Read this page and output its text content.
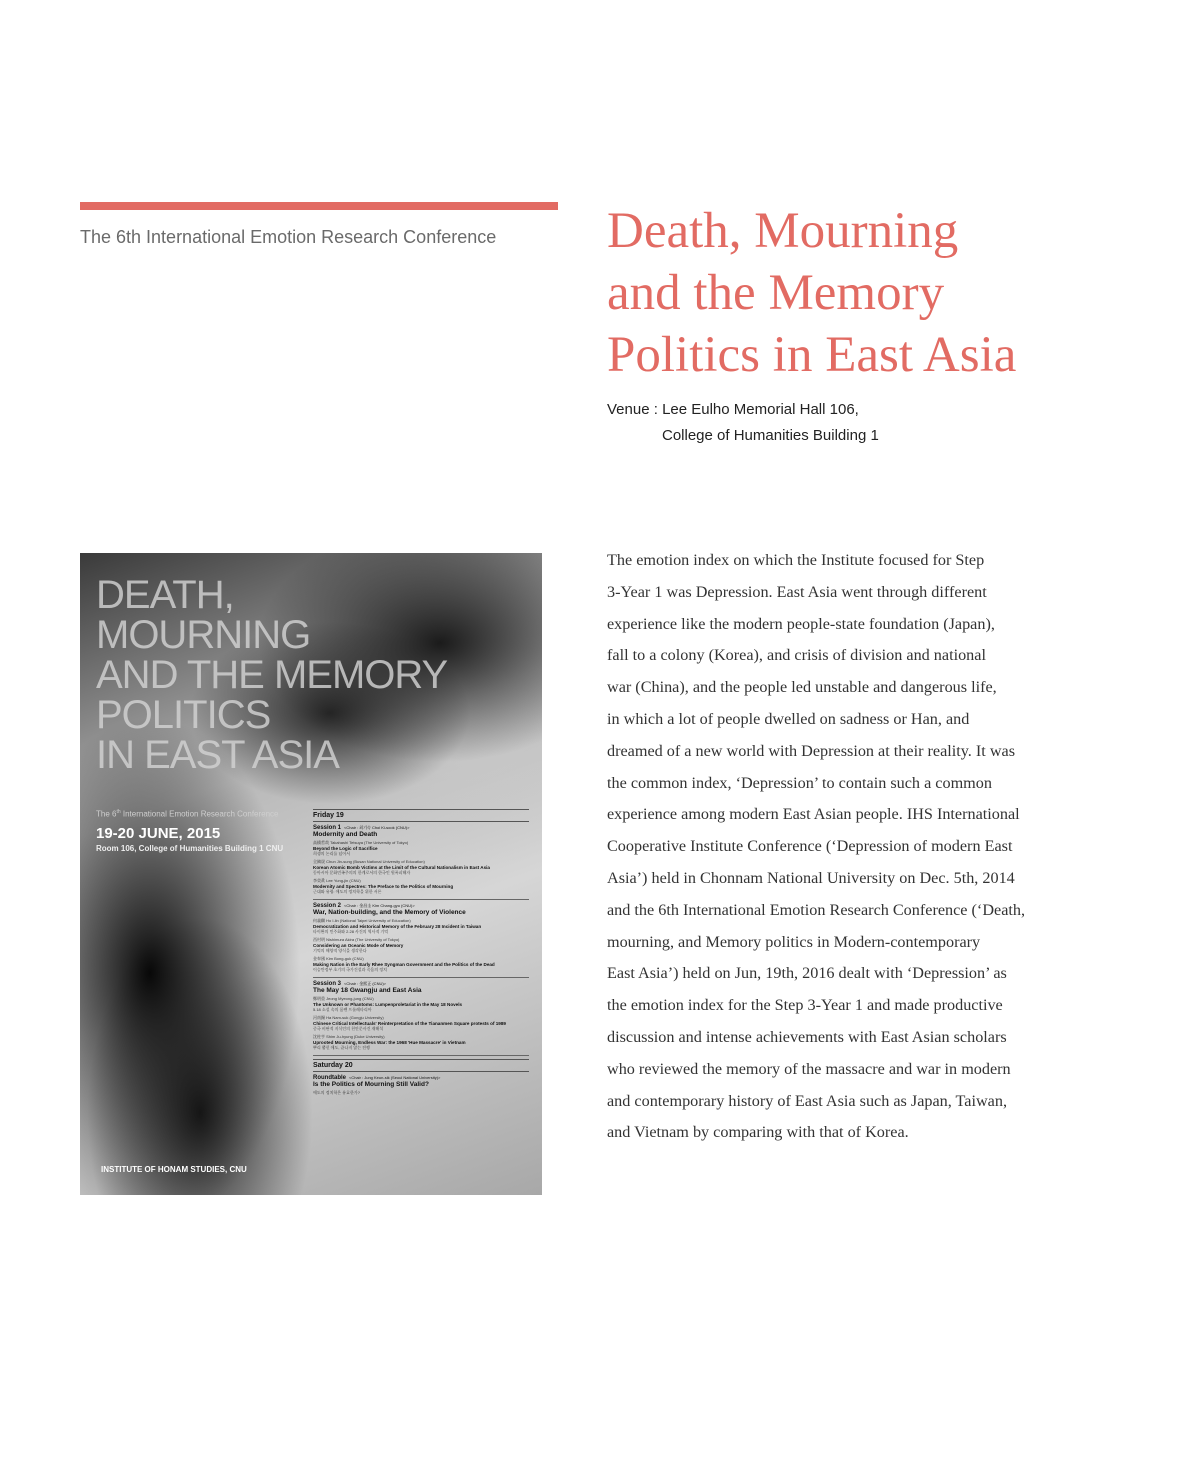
The 6th International Emotion Research Conference Death, Mourning
and the Memory
Politics in East Asia
Venue : Lee Eulho Memorial Hall 106,
College of Humanities Building 1
DEATH,
MOURNING
AND THE MEMORY
POLITICS
IN EAST ASIA
The 6th International Emotion Research Conference
19-20 JUNE, 2015
Room 106, College of Humanities Building 1 CNU
Friday 19
Session 1 <Chair : 최기숙 Choi Ki-sook (CNU)>
Modernity and Death
高橋哲哉 Takahashi Tetsuya (The University of Tokyo)
Beyond the Logic of Sacrifice
희생의 논리를 넘어서
全鎭晟 Chun Jin-sung (Busan National University of Education)
Korean Atomic Bomb Victims at the Limit of the Cultural Nationalism in East Asia
동아시아 문화민족주의의 한계로서의 한국인 원폭피해자
李榮眞 Lee Yung-jin (CNU)
Modernity and Spectres: The Preface to the Politics of Mourning
근대와 유령: 애도의 정치학을 위한 서론
Session 2 <Chair : 金昌圭 Kim Chang-gyu (CNU)>
War, Nation-building, and the Memory of Violence
何義麟 Ho I-lin (National Taipei University of Education)
Democratization and Historical Memory of the February 28 Incident in Taiwan
타이완의 민주화와 2.28 사건의 역사적 기억
西村明 Nishimura Akira (The University of Tokyo)
Considering an Oceanic Mode of Memory
기억의 해양적 양식을 생각한다
金奉國 Kim Bong-guk (CNU)
Making Nation in the Early Rhee Syngman Government and the Politics of the Dead
이승만정부 초기의 국가건설과 죽음의 정치
Session 3 <Chair : 金熙正 (CNU)>
The May 18 Gwangju and East Asia
鄭明重 Jeong Myeong-jung (CNU)
The Unknown or Phantoms: Lumpenproletariat in the May 18 Novels
5.18 소설 속의 룸펜 프롤레타리아
河南錫 Ha Nam-suk (Gongju University)
Chinese Critical Intellectuals' Reinterpretation of the Tiananmen Square protests of 1989
중국 비판적 지식인의 천안문사건 재해석
沈柱亨 Shim Ju-hyung (Duke University)
Uprooted Mourning, Endless War: the 1968 'Hue Massacre' in Vietnam
뿌리 뽑힌 애도, 끝나지 않는 전쟁
Saturday 20
Roundtable <Chair : Jung Keun-sik (Seoul National University)>
Is the Politics of Mourning Still Valid?
애도의 정치학은 유효한가?
INSTITUTE OF HONAM STUDIES, CNU
The emotion index on which the Institute focused for Step
3-Year 1 was Depression. East Asia went through different
experience like the modern people-state foundation (Japan),
fall to a colony (Korea), and crisis of division and national
war (China), and the people led unstable and dangerous life,
in which a lot of people dwelled on sadness or Han, and
dreamed of a new world with Depression at their reality. It was
the common index, ‘Depression’ to contain such a common
experience among modern East Asian people. IHS International
Cooperative Institute Conference (‘Depression of modern East
Asia’) held in Chonnam National University on Dec. 5th, 2014
and the 6th International Emotion Research Conference (‘Death,
mourning, and Memory politics in Modern-contemporary
East Asia’) held on Jun, 19th, 2016 dealt with ‘Depression’ as
the emotion index for the Step 3-Year 1 and made productive
discussion and intense achievements with East Asian scholars
who reviewed the memory of the massacre and war in modern
and contemporary history of East Asia such as Japan, Taiwan,
and Vietnam by comparing with that of Korea.
